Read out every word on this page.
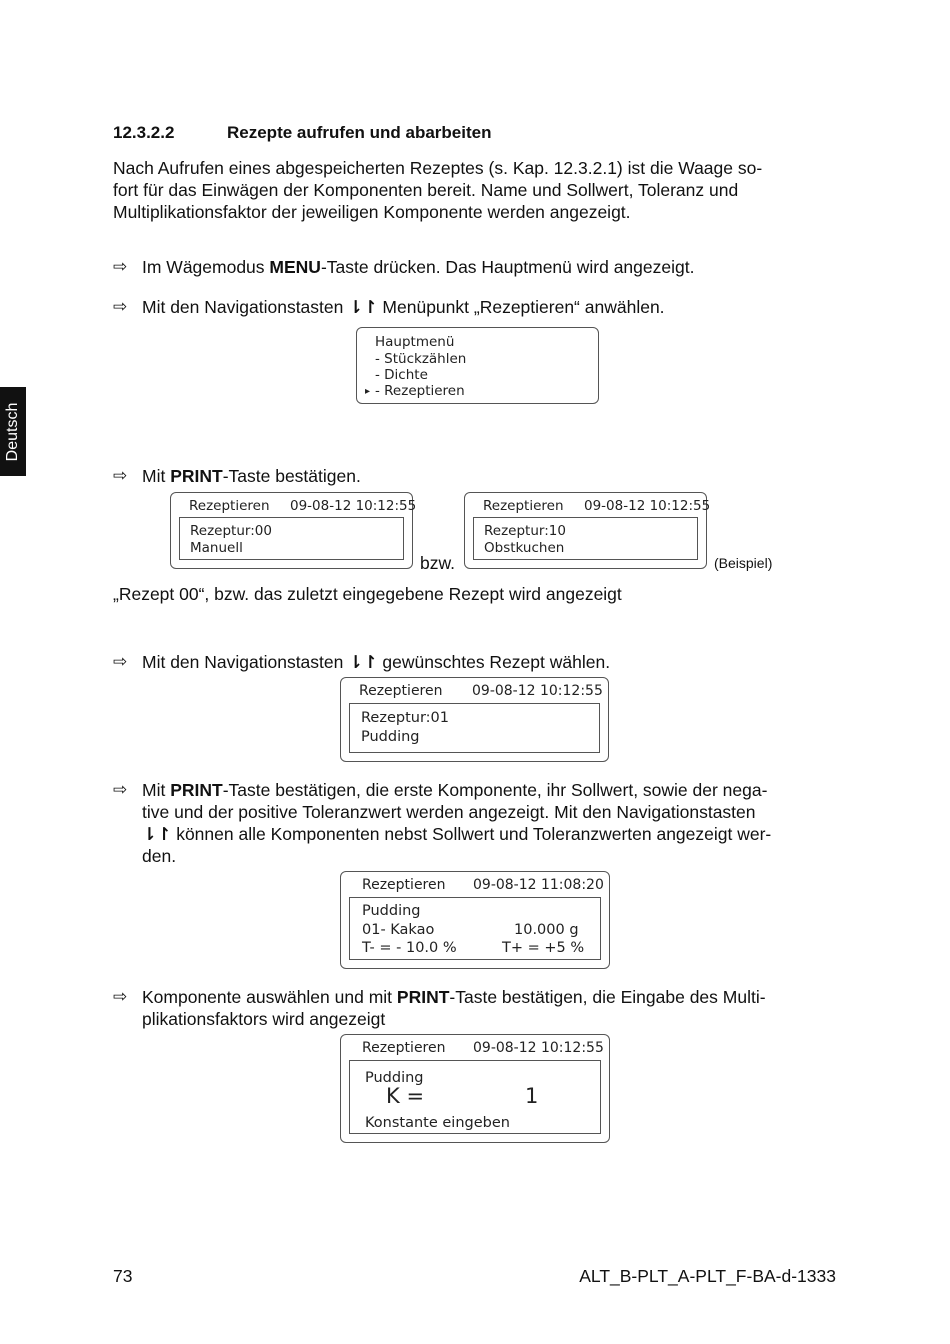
Deutsch
12.3.2.2	Rezepte aufrufen und abarbeiten
Nach Aufrufen eines abgespeicherten Rezeptes (s. Kap. 12.3.2.1) ist die Waage so-
fort für das Einwägen der Komponenten bereit. Name und Sollwert, Toleranz und
Multiplikationsfaktor der jeweiligen Komponente werden angezeigt.
⇨ Im Wägemodus MENU-Taste drücken. Das Hauptmenü wird angezeigt.
⇨ Mit den Navigationstasten ⇂↾ Menüpunkt „Rezeptieren“ anwählen.
Hauptmenü
- Stückzählen
- Dichte
▸ - Rezeptieren
⇨ Mit PRINT-Taste bestätigen.
Rezeptieren 09-08-12 10:12:55
Rezeptur:00
Manuell
bzw.
Rezeptieren 09-08-12 10:12:55
Rezeptur:10
Obstkuchen
(Beispiel)
„Rezept 00“, bzw. das zuletzt eingegebene Rezept wird angezeigt
⇨ Mit den Navigationstasten ⇂↾ gewünschtes Rezept wählen.
Rezeptieren 09-08-12 10:12:55
Rezeptur:01
Pudding
⇨ Mit PRINT-Taste bestätigen, die erste Komponente, ihr Sollwert, sowie der nega-
tive und der positive Toleranzwert werden angezeigt. Mit den Navigationstasten
⇂↾ können alle Komponenten nebst Sollwert und Toleranzwerten angezeigt wer-
den.
Rezeptieren 09-08-12 11:08:20
Pudding
01- Kakao	10.000 g
T- = - 10.0 %	T+ = +5 %
⇨ Komponente auswählen und mit PRINT-Taste bestätigen, die Eingabe des Multi-
plikationsfaktors wird angezeigt
Rezeptieren 09-08-12 10:12:55
Pudding
K =	1
Konstante eingeben
73	ALT_B-PLT_A-PLT_F-BA-d-1333
